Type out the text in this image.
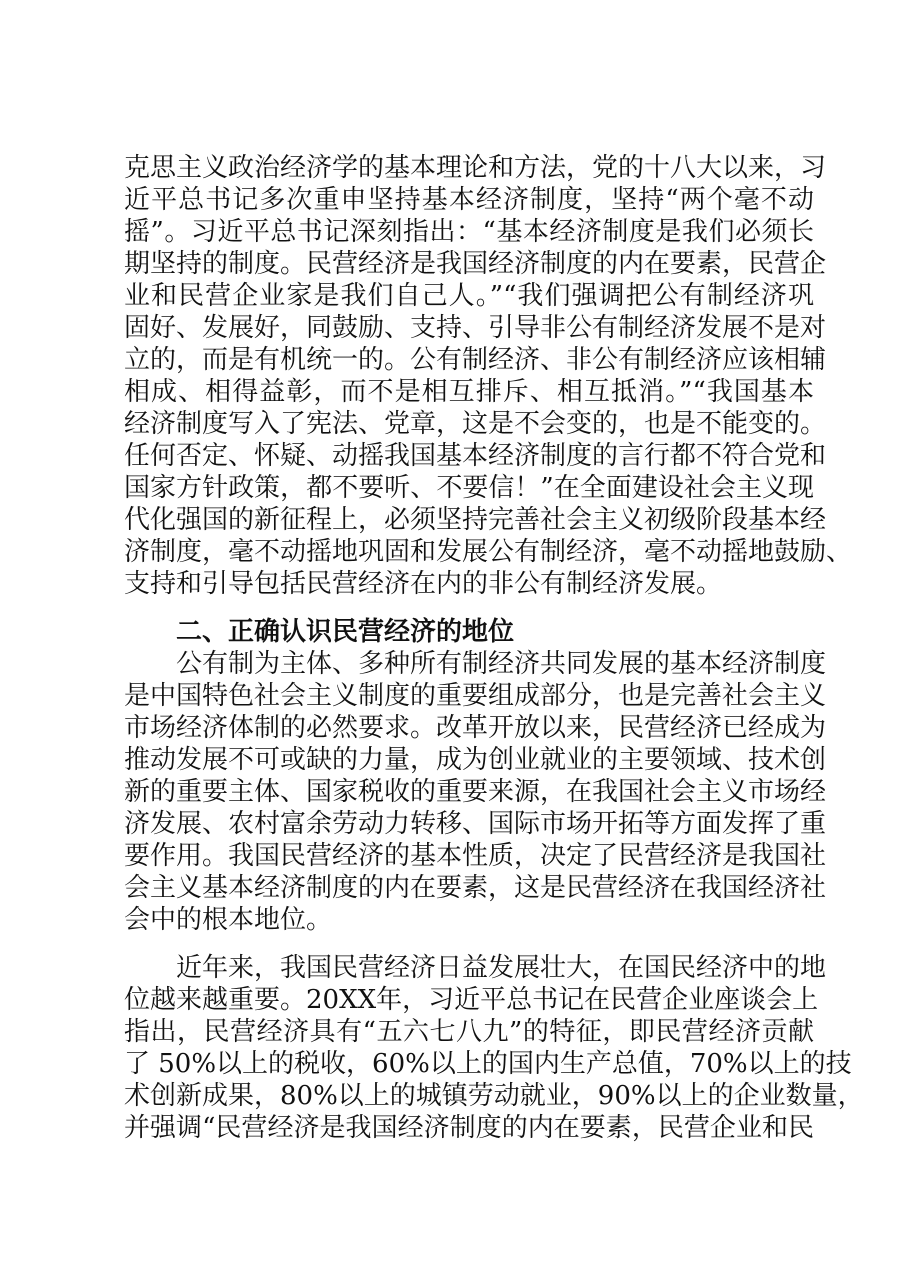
克思主义政治经济学的基本理论和方法，党的十八大以来，习
近平总书记多次重申坚持基本经济制度，坚持“两个毫不动
摇”。习近平总书记深刻指出：“基本经济制度是我们必须长
期坚持的制度。民营经济是我国经济制度的内在要素，民营企
业和民营企业家是我们自己人。”“我们强调把公有制经济巩
固好、发展好，同鼓励、支持、引导非公有制经济发展不是对
立的，而是有机统一的。公有制经济、非公有制经济应该相辅
相成、相得益彰，而不是相互排斥、相互抵消。”“我国基本
经济制度写入了宪法、党章，这是不会变的，也是不能变的。
任何否定、怀疑、动摇我国基本经济制度的言行都不符合党和
国家方针政策，都不要听、不要信！”在全面建设社会主义现
代化强国的新征程上，必须坚持完善社会主义初级阶段基本经
济制度，毫不动摇地巩固和发展公有制经济，毫不动摇地鼓励、
支持和引导包括民营经济在内的非公有制经济发展。
二、正确认识民营经济的地位
公有制为主体、多种所有制经济共同发展的基本经济制度
是中国特色社会主义制度的重要组成部分，也是完善社会主义
市场经济体制的必然要求。改革开放以来，民营经济已经成为
推动发展不可或缺的力量，成为创业就业的主要领域、技术创
新的重要主体、国家税收的重要来源，在我国社会主义市场经
济发展、农村富余劳动力转移、国际市场开拓等方面发挥了重
要作用。我国民营经济的基本性质，决定了民营经济是我国社
会主义基本经济制度的内在要素，这是民营经济在我国经济社
会中的根本地位。
近年来，我国民营经济日益发展壮大，在国民经济中的地
位越来越重要。20XX年，习近平总书记在民营企业座谈会上
指出，民营经济具有“五六七八九”的特征，即民营经济贡献
了 50%以上的税收，60%以上的国内生产总值，70%以上的技
术创新成果，80%以上的城镇劳动就业，90%以上的企业数量，
并强调“民营经济是我国经济制度的内在要素，民营企业和民
